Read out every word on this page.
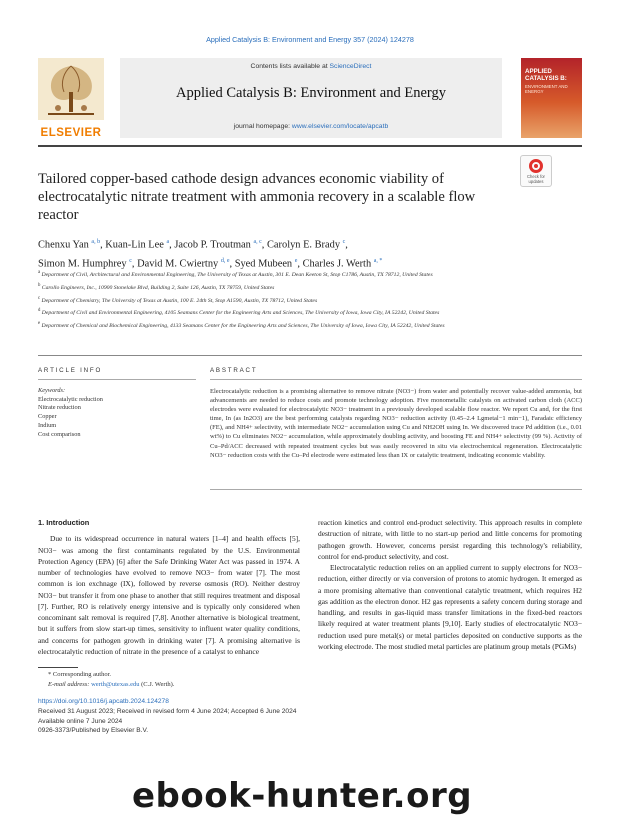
Applied Catalysis B: Environment and Energy 357 (2024) 124278
ELSEVIER
Contents lists available at ScienceDirect
Applied Catalysis B: Environment and Energy
journal homepage: www.elsevier.com/locate/apcatb
APPLIED CATALYSIS B:
ENVIRONMENT AND ENERGY
Tailored copper-based cathode design advances economic viability of electrocatalytic nitrate treatment with ammonia recovery in a scalable flow reactor
Check for updates
Chenxu Yan $^{a, b}$, Kuan-Lin Lee $^a$, Jacob P. Troutman $^{a, c}$, Carolyn E. Brady $^c$,
Simon M. Humphrey $^c$, David M. Cwiertny $^{d, e}$, Syed Mubeen $^e$, Charles J. Werth $^{a, *}$

$^a$ Department of Civil, Architectural and Environmental Engineering, The University of Texas at Austin, 301 E. Dean Keeton St, Stop C1786, Austin, TX 78712, United States

$^b$ Carollo Engineers, Inc., 10900 Stonelake Blvd, Building 2, Suite 126, Austin, TX 78759, United States

$^c$ Department of Chemistry, The University of Texas at Austin, 100 E. 24th St, Stop A1590, Austin, TX 78712, United States

$^d$ Department of Civil and Environmental Engineering, 4105 Seamans Center for the Engineering Arts and Sciences, The University of Iowa, Iowa City, IA 52242, United States

$^e$ Department of Chemical and Biochemical Engineering, 4133 Seamans Center for the Engineering Arts and Sciences, The University of Iowa, Iowa City, IA 52242, United States

ARTICLE INFO	ABSTRACT
Keywords:
Electrocatalytic reduction
Nitrate reduction
Copper
Indium
Cost comparison
Electrocatalytic reduction is a promising alternative to remove nitrate (NO3−) from water and potentially recover value-added ammonia, but advancements are needed to reduce costs and promote technology adoption. Five monometallic catalysts on activated carbon cloth (ACC) electrodes were evaluated for electrocatalytic NO3− treatment in a previously developed scalable flow reactor. We report Cu and, for the first time, In (as In2O3) are the best performing catalysts regarding NO3− reduction activity (0.45–2.4 Lgmetal−1 min−1), Faradaic efficiency (FE), and NH4+ selectivity, with intermediate NO2− accumulation using Cu and NH2OH using In. We discovered trace Pd addition (i.e., 0.01 wt%) to Cu eliminates NO2− accumulation, while approximately doubling activity, and boosting FE and NH4+ selectivity (99 %). Activity of Cu–Pd/ACC decreased with repeated treatment cycles but was easily recovered in situ via electrochemical regeneration. Electrocatalytic NO3− reduction costs with the Cu–Pd electrode were estimated less than IX or catalytic treatment, indicating economic viability.
1. Introduction

Due to its widespread occurrence in natural waters [1–4] and health effects [5], NO3− was among the first contaminants regulated by the U.S. Environmental Protection Agency (EPA) [6] after the Safe Drinking Water Act was passed in 1974. A number of technologies have evolved to remove NO3− from water [7]. The most common is ion exchnage (IX), followed by reverse osmosis (RO). Neither destroy NO3− but transfer it from one phase to another that still requires treatment and disposal [7]. Further, RO is relatively energy intensive and is typically only considered when concominant salt removal is required [7,8]. Another alternative is biological treatment, but it suffers from slow start-up times, sensitivity to influent water quality conditions, and concerns for pathogen growth in drinking water [7]. A promising alternative is electrocatalytic reduction of nitrate in the presence of a catalyst to enhance

reaction kinetics and control end-product selectivity. This approach results in complete destruction of nitrate, with little to no start-up period and little concerns for promoting pathogen growth. However, concerns persist regarding this technology's reliability, control for end-product selectivity, and cost.

Electrocatalytic reduction relies on an applied current to supply electrons for NO3− reduction, either directly or via conversion of protons to atomic hydrogen. It emerged as a more promising alternative than conventional catalytic treatment, which requires H2 gas addition as the electron donor. H2 gas represents a safety concern during storage and handling, and results in gas-liquid mass transfer limitations in the fixed-bed reactors likely required at water treatment plants [9,10]. Early studies of electrocatalytic NO3− reduction used pure metal(s) or metal particles deposited on conductive supports as the working electrode. The most studied metal particles are platinum group metals (PGMs)

* Corresponding author.
E-mail address: werth@utexas.edu (C.J. Werth).
https://doi.org/10.1016/j.apcatb.2024.124278
Received 31 August 2023; Received in revised form 4 June 2024; Accepted 6 June 2024
Available online 7 June 2024
0926-3373/Published by Elsevier B.V.
ebook-hunter.org
